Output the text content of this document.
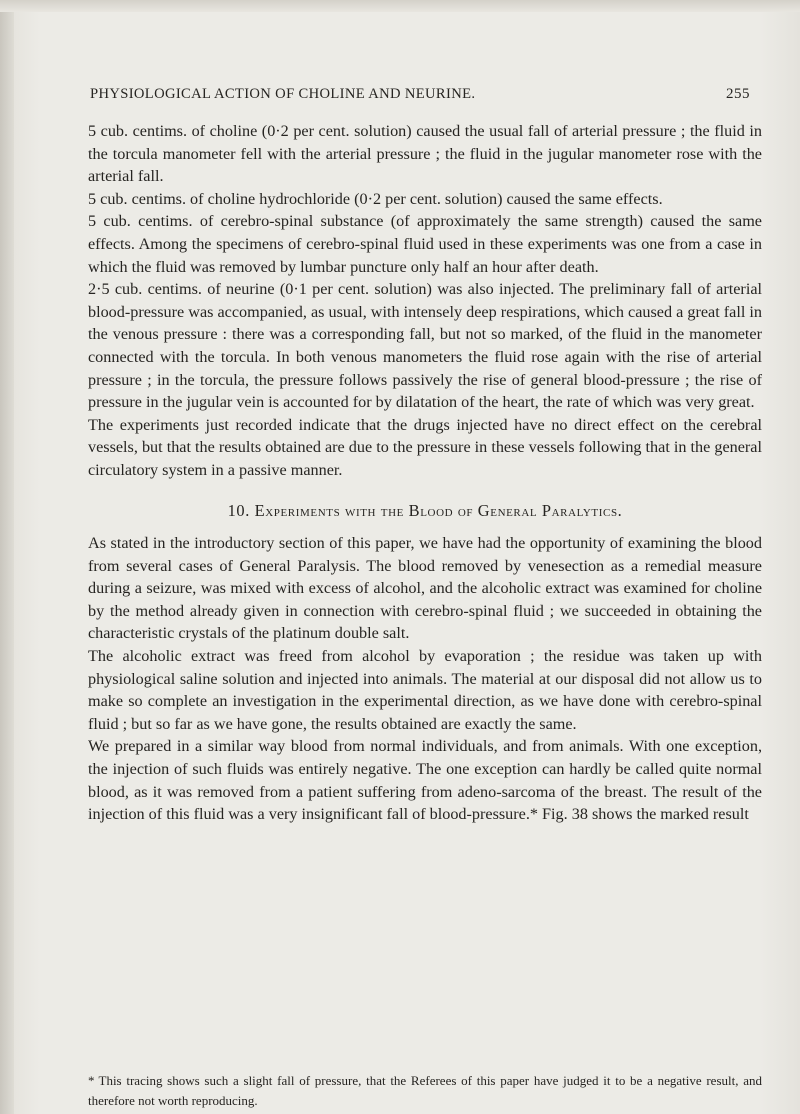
PHYSIOLOGICAL ACTION OF CHOLINE AND NEURINE.	255

5 cub. centims. of choline (0·2 per cent. solution) caused the usual fall of arterial pressure ; the fluid in the torcula manometer fell with the arterial pressure ; the fluid in the jugular manometer rose with the arterial fall.

5 cub. centims. of choline hydrochloride (0·2 per cent. solution) caused the same effects.

5 cub. centims. of cerebro-spinal substance (of approximately the same strength) caused the same effects. Among the specimens of cerebro-spinal fluid used in these experiments was one from a case in which the fluid was removed by lumbar puncture only half an hour after death.

2·5 cub. centims. of neurine (0·1 per cent. solution) was also injected. The preliminary fall of arterial blood-pressure was accompanied, as usual, with intensely deep respirations, which caused a great fall in the venous pressure : there was a corresponding fall, but not so marked, of the fluid in the manometer connected with the torcula. In both venous manometers the fluid rose again with the rise of arterial pressure ; in the torcula, the pressure follows passively the rise of general blood-pressure ; the rise of pressure in the jugular vein is accounted for by dilatation of the heart, the rate of which was very great.

The experiments just recorded indicate that the drugs injected have no direct effect on the cerebral vessels, but that the results obtained are due to the pressure in these vessels following that in the general circulatory system in a passive manner.

10. Experiments with the Blood of General Paralytics.

As stated in the introductory section of this paper, we have had the opportunity of examining the blood from several cases of General Paralysis. The blood removed by venesection as a remedial measure during a seizure, was mixed with excess of alcohol, and the alcoholic extract was examined for choline by the method already given in connection with cerebro-spinal fluid ; we succeeded in obtaining the characteristic crystals of the platinum double salt.

The alcoholic extract was freed from alcohol by evaporation ; the residue was taken up with physiological saline solution and injected into animals. The material at our disposal did not allow us to make so complete an investigation in the experimental direction, as we have done with cerebro-spinal fluid ; but so far as we have gone, the results obtained are exactly the same.

We prepared in a similar way blood from normal individuals, and from animals. With one exception, the injection of such fluids was entirely negative. The one exception can hardly be called quite normal blood, as it was removed from a patient suffering from adeno-sarcoma of the breast. The result of the injection of this fluid was a very insignificant fall of blood-pressure.* Fig. 38 shows the marked result

* This tracing shows such a slight fall of pressure, that the Referees of this paper have judged it to be a negative result, and therefore not worth reproducing.
